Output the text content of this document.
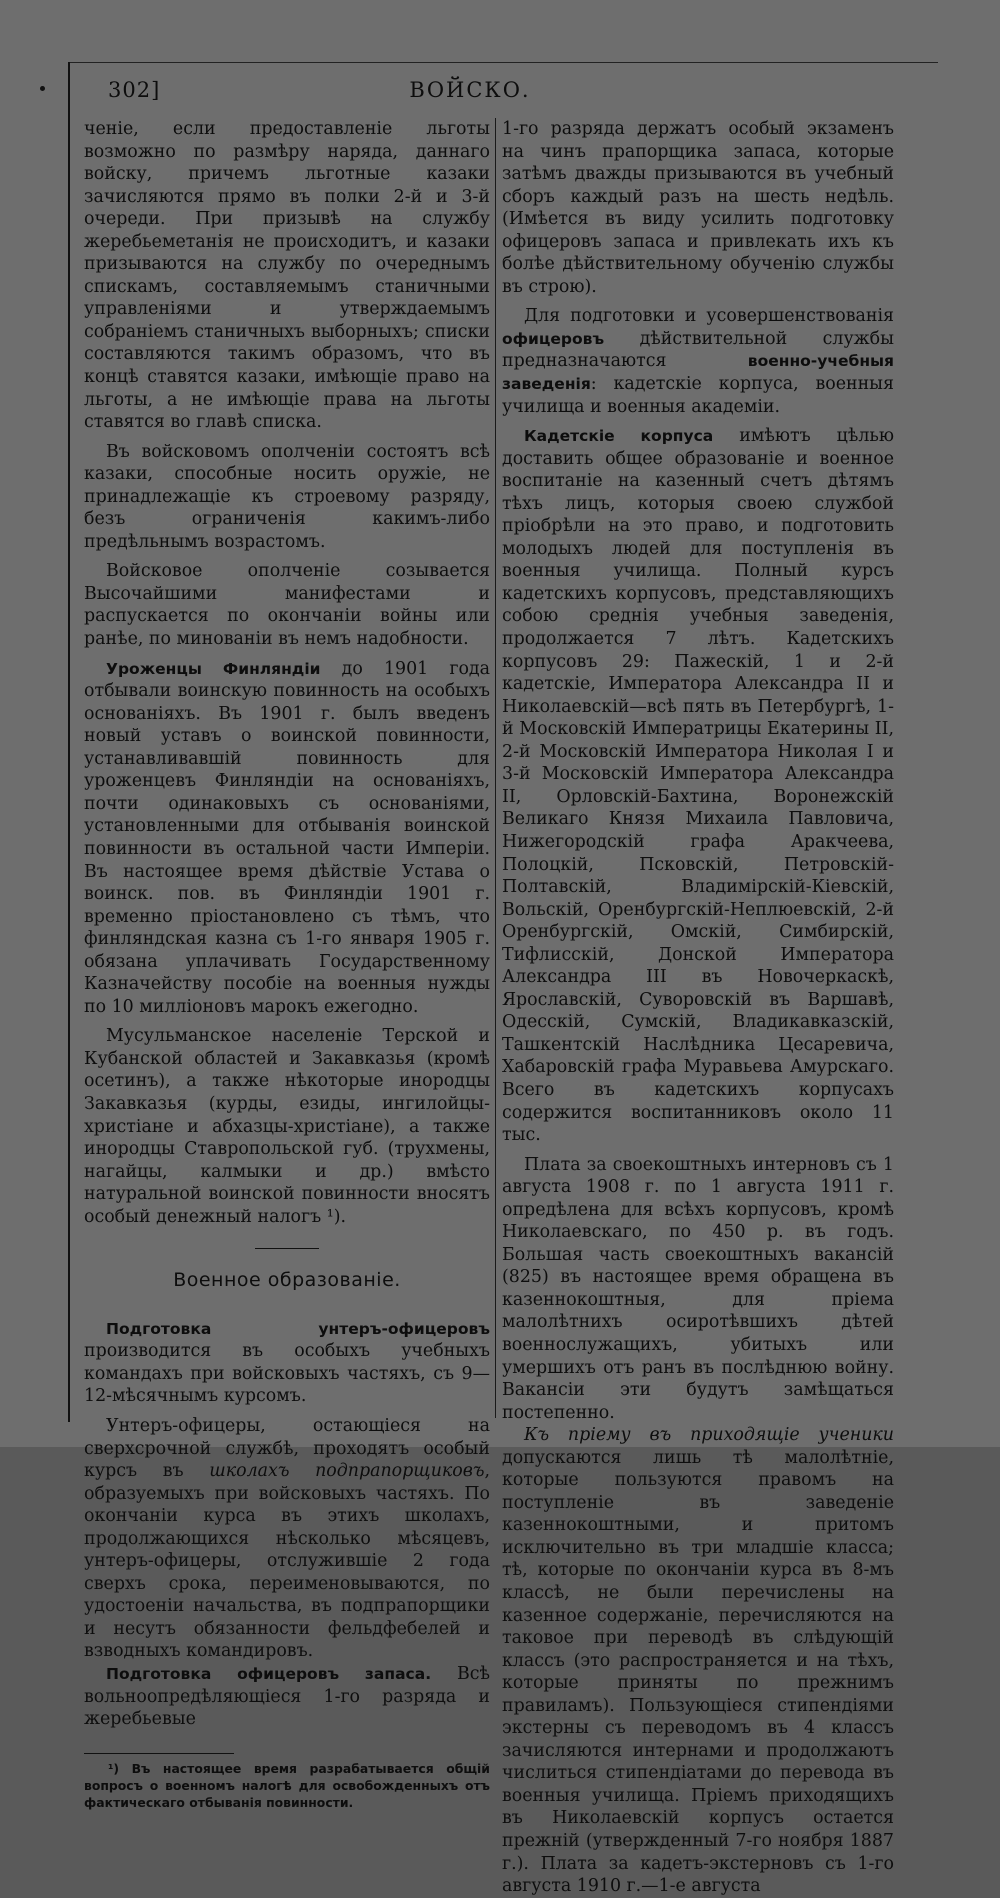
302]	ВОЙСКО.

ченіе, если предоставленіе льготы возможно по размѣру наряда, даннаго войску, причемъ льготные казаки зачисляются прямо въ полки 2-й и 3-й очереди. При призывѣ на службу жеребьеметанія не происходитъ, и казаки призываются на службу по очереднымъ спискамъ, составляемымъ станичными управленіями и утверждаемымъ собраніемъ станичныхъ выборныхъ; списки составляются такимъ образомъ, что въ концѣ ставятся казаки, имѣющіе право на льготы, а не имѣющіе права на льготы ставятся во главѣ списка.

Въ войсковомъ ополченіи состоятъ всѣ казаки, способные носить оружіе, не принадлежащіе къ строевому разряду, безъ ограниченія какимъ-либо предѣльнымъ возрастомъ.

Войсковое ополченіе созывается Высочайшими манифестами и распускается по окончаніи войны или ранѣе, по миновaніи въ немъ надобности.

Уроженцы Финляндіи до 1901 года отбывали воинскую повинность на особыхъ основаніяхъ. Въ 1901 г. былъ введенъ новый уставъ о воинской повинности, устанавливавшій повинность для уроженцевъ Финляндіи на основаніяхъ, почти одинаковыхъ съ основаніями, установленными для отбыванія воинской повинности въ остальной части Имперіи. Въ настоящее время дѣйствіе Устава о воинск. пов. въ Финляндіи 1901 г. временно пріостановлено съ тѣмъ, что финляндская казна съ 1-го января 1905 г. обязана уплачивать Государственному Казначейству пособіе на военныя нужды по 10 милліоновъ марокъ ежегодно.

Мусульманское населеніе Терской и Кубанской областей и Закавказья (кромѣ осетинъ), а также нѣкоторые инородцы Закавказья (курды, езиды, ингилойцы-христіане и абхазцы-христіане), а также инородцы Ставропольской губ. (трухмены, нагайцы, калмыки и др.) вмѣсто натуральной воинской повинности вносятъ особый денежный налогъ ¹).

Военное образованіе.

Подготовка унтеръ-офицеровъ производится въ особыхъ учебныхъ командахъ при войсковыхъ частяхъ, съ 9—12-мѣсячнымъ курсомъ.

Унтеръ-офицеры, остающіеся на сверхсрочной службѣ, проходятъ особый курсъ въ школахъ подпрапорщиковъ, образуемыхъ при войсковыхъ частяхъ. По окончаніи курса въ этихъ школахъ, продолжающихся нѣсколько мѣсяцевъ, унтеръ-офицеры, отслужившіе 2 года сверхъ срока, переименовываются, по удостоеніи начальства, въ подпрапорщики и несутъ обязанности фельдфебелей и взводныхъ командировъ.

Подготовка офицеровъ запаса. Всѣ вольноопредѣляющіеся 1-го разряда и жеребьевые

¹) Въ настоящее время разрабатывается общій вопросъ о военномъ налогѣ для освобожденныхъ отъ фактическаго отбыванія повинности.

1-го разряда держатъ особый экзаменъ на чинъ прапорщика запаса, которые затѣмъ дважды призываются въ учебный сборъ каждый разъ на шесть недѣль. (Имѣется въ виду усилить подготовку офицеровъ запаса и привлекать ихъ къ болѣе дѣйствительному обученію службы въ строю).

Для подготовки и усовершенствованія офицеровъ дѣйствительной службы предназначаются военно-учебныя заведенія: кадетскіе корпуса, военныя училища и военныя академіи.

Кадетскіе корпуса имѣютъ цѣлью доставить общее образованіе и военное воспитаніе на казенный счетъ дѣтямъ тѣхъ лицъ, которыя своею службой пріобрѣли на это право, и подготовить молодыхъ людей для поступленія въ военныя училища. Полный курсъ кадетскихъ корпусовъ, представляющихъ собою среднія учебныя заведенія, продолжается 7 лѣтъ. Кадетскихъ корпусовъ 29: Пажескій, 1 и 2-й кадетскіе, Императора Александра II и Николаевскій—всѣ пять въ Петербургѣ, 1-й Московскій Императрицы Екатерины II, 2-й Московскій Императора Николая I и 3-й Московскій Императора Александра II, Орловскій-Бахтина, Воронежскій Великаго Князя Михаила Павловича, Нижегородскій графа Аракчеева, Полоцкій, Псковскій, Петровскій-Полтавскій, Владимірскій-Кіевскій, Вольскій, Оренбургскій-Неплюевскій, 2-й Оренбургскій, Омскій, Симбирскій, Тифлисскій, Донской Императора Александра III въ Новочеркаскѣ, Ярославскій, Суворовскій въ Варшавѣ, Одесскій, Сумскій, Владикавказскій, Ташкентскій Наслѣдника Цесаревича, Хабаровскій графа Муравьева Амурскаго. Всего въ кадетскихъ корпусахъ содержится воспитанниковъ около 11 тыс.

Плата за своекоштныхъ интерновъ съ 1 августа 1908 г. по 1 августа 1911 г. опредѣлена для всѣхъ корпусовъ, кромѣ Николаевскаго, по 450 р. въ годъ. Большая часть своекоштныхъ вакансій (825) въ настоящее время обращена въ казеннокоштныя, для пріема малолѣтнихъ осиротѣвшихъ дѣтей военнослужащихъ, убитыхъ или умершихъ отъ ранъ въ послѣднюю войну. Вакансіи эти будутъ замѣщаться постепенно.

Къ пріему въ приходящіе ученики допускаются лишь тѣ малолѣтніе, которые пользуются правомъ на поступленіе въ заведеніе казеннокоштными, и притомъ исключительно въ три младшіе класса; тѣ, которые по окончаніи курса въ 8-мъ классѣ, не были перечислены на казенное содержаніе, перечисляются на таковое при переводѣ въ слѣдующій классъ (это распространяется и на тѣхъ, которые приняты по прежнимъ правиламъ). Пользующіеся стипендіями экстерны съ переводомъ въ 4 классъ зачисляются интернами и продолжаютъ числиться стипендіатами до перевода въ военныя училища. Пріемъ приходящихъ въ Николаевскій корпусъ остается прежній (утвержденный 7-го ноября 1887 г.). Плата за кадетъ-экстерновъ съ 1-го августа 1910 г.—1-е августа
